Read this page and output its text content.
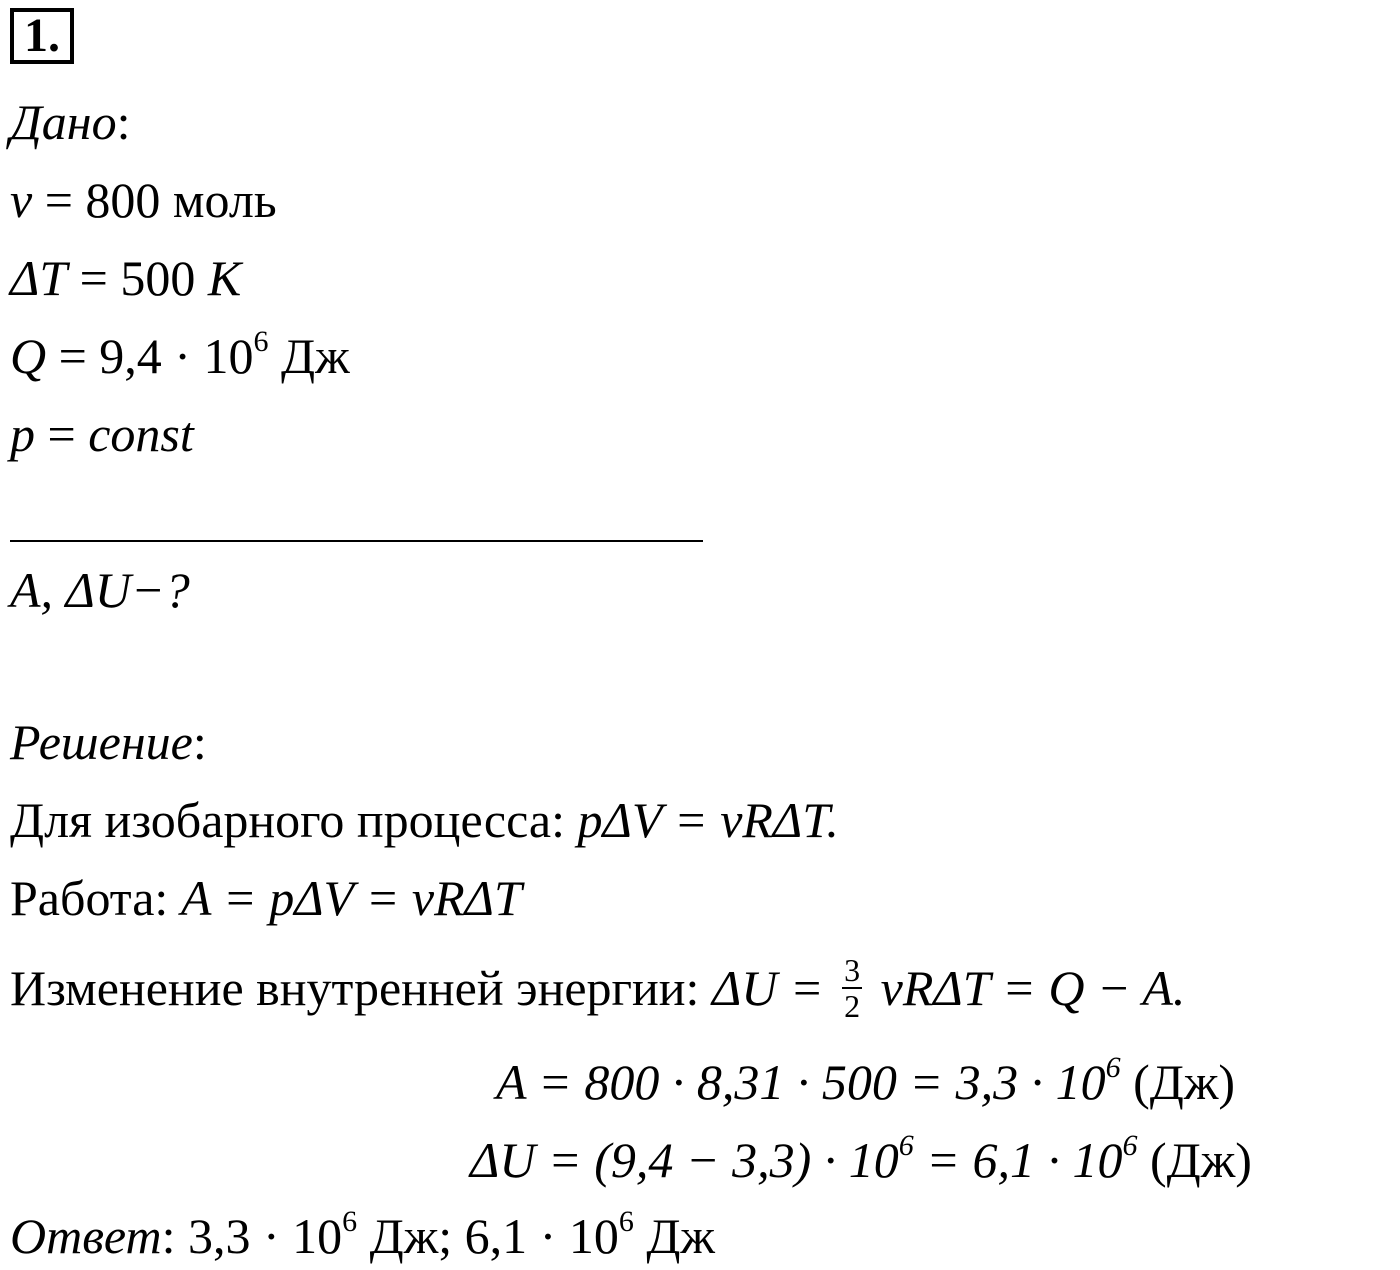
1.
Дано:
ν = 800 моль
ΔT = 500 K
$Q = 9,4 \cdot 10^6$ Дж
p = const
A, ΔU−?
Решение:
Для изобарного процесса: pΔV = νRΔT.
Работа: A = pΔV = νRΔT
Изменение внутренней энергии: $\Delta U = \frac{3}{2}$ νRΔT = Q − A.
$A = 800 \cdot 8,31 \cdot 500 = 3,3 \cdot 10^6$ (Дж)
$\Delta U = (9,4 - 3,3) \cdot 10^6 = 6,1 \cdot 10^6$ (Дж)
Ответ: $3,3 \cdot 10^6$ Дж; $6,1 \cdot 10^6$ Дж
